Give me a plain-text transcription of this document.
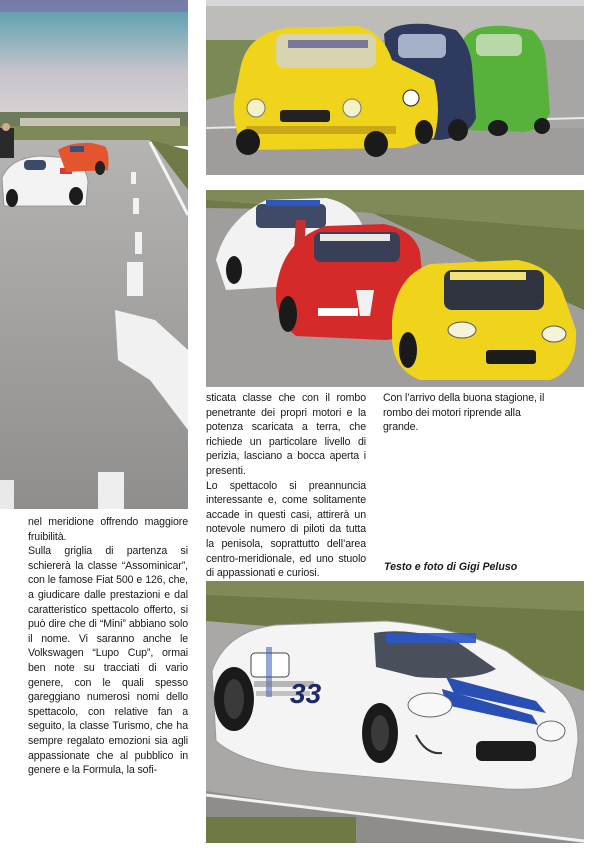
33

nel meridione offrendo maggiore fruibilità.

Sulla griglia di partenza si schiererà la classe “Assominicar”, con le famose Fiat 500 e 126, che, a giudicare dalle prestazioni e dal caratteristico spettacolo offerto, si può dire che di “Mini” abbiano solo il nome. Vi saranno anche le Volkswagen “Lupo Cup”, ormai ben note su tracciati di vario genere, con le quali spesso gareggiano numerosi nomi dello spettacolo, con relative fan a seguito, la classe Turismo, che ha sempre regalato emozioni sia agli appassionate che al pubblico in genere e la Formula, la sofi-

sticata classe che con il rombo penetrante dei propri motori e la potenza scaricata a terra, che richiede un particolare livello di perizia, lasciano a bocca aperta i presenti.

Lo spettacolo si preannuncia interessante e, come solitamente accade in questi casi, attirerà un notevole numero di piloti da tutta la penisola, soprattutto dell’area centro-meridionale, ed uno stuolo di appassionati e curiosi.

Con l’arrivo della buona stagione, il rombo dei motori riprende alla grande.

Testo e foto di Gigi Peluso
